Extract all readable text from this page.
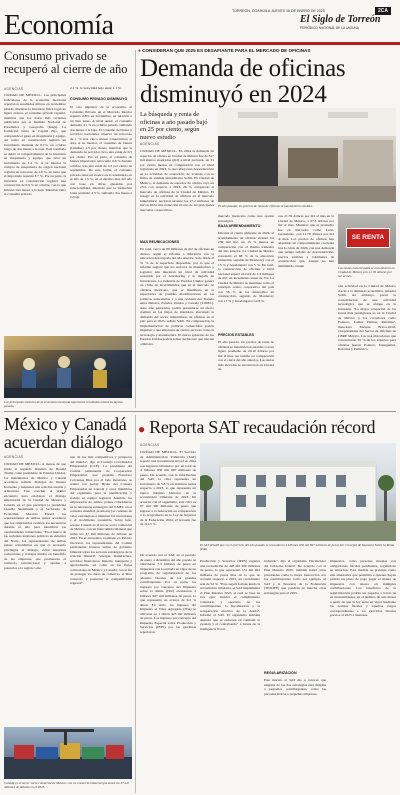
TORREÓN, COAHUILA JUEVES 16 DE ENERO DE 2025	2CA
Economía	El Siglo de Torreón
PERIÓDICO NACIONAL DE LA LAGUNA
Consumo privado se recuperó al cierre de año
AGENCIAS
CIUDAD DE MÉXICO.- Los principales indicadores de la economía mexicana reportaron resultados mixtos en noviembre pasado, mientras la inversión física logró un ligero avance, el consumo privado repuntó, mientras que los datos más recientes publicados por el Instituto Nacional de Estadística y Geografía (Inegi). La formación bruta de Capital Fijo, que comprende el gasto en maquinaria y equipo, así como en construcción registró un incremento mensual de 0.1%, en octubre luego de dos meses a la baja. Este resultado se debió al comportamiento de la inversión en maquinaria y equipo, que tuvo un incremento de 1.2 %. A su interior la compra de maquinaria de origen nacional registró un retroceso de 1.6 %, en tanto que el importado repuntó 3.7 %. Por su parte, la inversión en construcción registró una contracción de 0.9 % en octubre, con lo que hilvanó tres meses a la baja. Mientras tanto el consumo privado
2.1 %. la velocidad bajó entre 1.1 %.
CONSUMO PRIVADO DISMINUYÓ
El otro impulsor de la economía, el Consumo Privado en el Mercado Interior repuntó 0.8% en noviembre, en relación a un mes antes. A nivel anual, el consumo aumentó 4.1 % en octubre pasado, sumando dos meses a la baja. El consumo de bienes y servicios nacionales observó un retroceso de 1 % tras cinco meses consecutivos al alza. A su interior, el consumo de bienes (familias) 1.5 por ciento, mientras que la demanda de servicios tuvo una caída de 0.5 por ciento. Por su parte, el consumo de bienes importados retrocedió 0.6 % durante octubre, tras una caída de 4.3 por ciento en septiembre. De esta forma, el consumo privado tiene un avance en lo acumulado en el año de 1.5 %, en el décimo mes del año con base en cifras ajustadas por estacionalidad, mientras que la formación bruta acumuló 4.3 %, sumando dos meses a la baja.
Los principales motores de la economía mexicana reportaron resultados mixtos en agosto pasado.
● CONSIDERAN QUE 2025 ES DESAFIANTE PARA EL MERCADO DE OFICINAS
Demanda de oficinas disminuyó en 2024
La búsqueda y renta de oficinas a año pasado bajó en 25 por ciento, según nuevo estudio
AGENCIAS
CIUDAD DE MÉXICO.- En 2024 la demanda de espacios de oficina en Ciudad de México fue de 817 mil metros cuadrados (m2) a nivel nacional, un 31 por ciento menos en comparación con el nivel registrado en 2023, lo que refleja una desaceleración en la actividad de ocupación, de acuerdo con la firma de análisis inmobiliario Solili. En Ciudad de México, la demanda de espacios de oficina cayó un 25% con respecto a 2023, 26 % comparado al mercado de oficinas de la Ciudad de México. El rezago en la actividad de oficinas en el mercado inmobiliario nacional alcanzó los 17.2 millones de m2 en 2024, una reducción en uno de los principales mercados corporativos.
MAS REUBICACIONES
En total, cerca de 80 millones de m2 de oficinas en desuso, según el informe a diferencia con la ubicación desocupada del año anterior. Sólo desde el 31 % de la superficie disponible, por lo que el informe sugiere que los sectores de manufactura y logística aún muestran un nivel de actividad sostenida por el nearshoring y la llegada de inversiones. La industria de Estados Unidos genera un clima de incertidumbre que en el mercado de oficinas mexicano, que se manifiesta en la expectativa de posibles modificaciones en las políticas arancelarias y a una revisión del Tratado entre México, Estados Unidos y Canadá (T-MEC). Ante este panorama, podría presentarse un efecto dominó en los flujos de inversión, afectando la demanda del sector inmobiliario de oficinas en el país para el 2025, señaló Solili. En comparación, la implementación de políticas comerciales podría impulsar a que empresas de ciertos sectores como la tecnología y manufactura. El nuevo gobierno de los Estados Unidos podría tomar decisiones que afecten a México.
El año pasado, los precios de renta de oficinas se mantuvieron estables.
mercado mexicano como una opción estratégica.
BAJA ARRENDAMIENTO
Durante el cuarto trimestre de 2024, el arrendamiento de oficinas alcanzó los 239 mil m2, un 15 % menos en comparación con el mismo trimestre del año anterior. La Ciudad de México concentró el 68 % de la absorción trimestral, seguida de Monterrey con el 13 % y Guadalajara con 5 %. En total, la construcción de oficinas a nivel nacional superó en total de 1.3 millones de m2, un incremento anual de 3%. La Ciudad de México se mantiene como el principal centro corporativo del país con 56 % de los desarrollos en construcción, seguido de Monterrey con 17 % y Guadalajara con 8 %.
PRECIOS ESTABLES
El año pasado, los precios de renta de oficinas se mantuvieron estables con un ligero promedio de 20.10 dólares por m2 al mes, un cambio en comparación con el cierre del año anterior. Las rentas más elevadas se encontraron en Ciudad de
con 21.76 dólares por m2 al mes en la Ciudad de México, a 27.5 dólares por m2 al mes. Mientras que el promedio fue en mercados como León, Guanajuato, con 11.79 dólares por m2 al mes. Los precios de oficinas han adquirido un comportamiento creciente tras la crisis de 2020, con una demanda que refleja señales de desaceleración, precios estables y volúmenes de construcción que, aunque no han disminuido, tienen
SE RENTA
Las rentas más elevadas se encontraron en Ciudad de México con 21.76 dólares por m2 al mes.
una actividad en la Ciudad de México creció a la demanda económica, informó Solili, sin embargo, prevé la consolidación de una actividad tecnológica que se ubique en la inversión. "La mayor ocupación de las zonas más prestigiosas es en la Ciudad de México y los corredores como Polanco, Lomas Palmas, Reforma", mencionó Enrique Bravo-Ortiz, vicepresidente del Sector de Oficinas de CBRE México. Las tres ubicaciones que concentraron 65 % de los espacios para oficinas fueron Polanco, Insurgentes, Reforma y Periférico.
México y Canadá acuerdan diálogo
AGENCIAS
CIUDAD DE MÉXICO.- A menos de que inicie el segundo mandato de Donald Trump como presidente de Estados Unidos, los mandatarios de México y Canadá acordaron realizar diálogos de manera frecuente y mantener una relación estable y armoniosa. Tras concluir el primer encuentro para establecer el diálogo empresarial de la Ciudad de México y Canadá, en el que participó la presidenta Claudia Sheinbaum y el Secretario de Economía, Marcelo Ebrard, los representantes de ambos países acordaron que los empresarios realicen los encuentros durante el año para identificar las oportunidades comerciales. "En el marco de las recientes tensiones políticas en América del Norte, los representantes de ambos países coincidimos en que es necesario privilegiar el diálogo, evitar tensiones comerciales y trabajar unidos en beneficio de las empresas, que promuevan el comercio internacional y ayuden a potenciar a la región como
uno de los más competitivos y prósperos del mundo", dijo el Consejo Coordinador Empresarial (CCE). La presidenta del Comité permanente de Cooperación Empresarial, que presidió Francisco Cervantes Díaz por el lado mexicano, se reunió con Goldy Hyder del Consejo Empresarial de Canadá y otros miembros del organismo para la planificación y trabajo en equipo regional. Además, los empresarios de ambos países coincidieron en la relevancia estratégica del T-MEC en el contexto mundial, promover las cadenas de valor estratégicas e impulsar las inversiones y el crecimiento sostenible. Sobre todo, porque Canadá es el tercer socio comercial de México, con un intercambio bilateral que sumó los 37 mil millones de dólares en 2023. En el encuentro, realizado en Palacio Nacional, los representantes del Comité permanente trataron temas de gobierno bilateral sobre los sectores estratégicos de la relación bilateral: "energía, manufactura, servicios financieros, minería, transporte y agroindustria, así como en los flujos comerciales de México y Canadá, con el fin de proteger los datos de comercio, el libre comercio y potenciar la competitividad regional".
Canadá es el tercer socio comercial de México, con un comercio bilateral que sumó los 37 mil millones de dólares en el 2023.
● Reporta SAT recaudación récord
AGENCIAS
CIUDAD DE MÉXICO.- El Servicio de Administración Tributaria (SAT) reportó una recaudación récord en 2024 con ingresos tributarios por un total de 4 billones 936 mil 897 millones de pesos. De acuerdo con la información del SAT, la cifra representa un incremento de 5.8 % en términos reales respecto a 2023, lo que representa un nuevo máximo histórico en la recaudación tributaria de 2023. De acuerdo con el organismo, esta cifra es 97 mil 300 millones de pesos que ingresó a la federación en comparación a lo programado en la Ley de Ingresos de la Federación 2024, el recaudo fue de 112.5 %.
El SAT detalló que en el ejercicio del año pasado se recaudaron 4 billones 936 mil 897 millones de pesos por concepto de Impuesto Sobre la Renta (ISR).
De acuerdo con el SAT, en el periodo de enero a diciembre del año pasado se obtuvieron 7.3 billones de pesos en impuestos con la entrada en vigor de un programa de regularización de los adeudos fiscales de los grandes contribuyentes. Por su parte, los ingresos por concepto del Impuesto sobre la Renta (ISR) alcanzaron 2 billones 667 mil millones de pesos, lo que representó un avance de 9.2 % anual. En tanto, los ingresos del Impuesto al Valor Agregado (IVA) se ubicaron en 1 billón 423 mil millones de pesos. Los ingresos por concepto del Impuesto Especial sobre Producción y Servicios (IEPS) por las gasolinas reportaron
Producción y Servicios (IEPS) registró una recaudación de 428 mil 300 millones de pesos, lo que representó 131 mil 962 millones de pesos más de lo que se recaudó respecto a 2023, un crecimiento real de 52 %. "Para seguir fortaleciendo la recaudación tributaria, el SAT implementó el Plan Maestro 2025, el cual se basa en tres ejes: atender el cumplimiento voluntario y oportuno de los contribuyentes, la fiscalización y la recuperación efectiva de la deuda", informó el SAT. El organismo también anunció que se enfocará en combatir la evasión y el contrabando" a través de la inteligencia fiscal.
trabando", dijo el organismo Fiscalizador del Gobierno federal. De acuerdo con el Plan Maestro 2025, también habrá otras prioridades como la mejor interacción con los contribuyentes como por ejemplo, el SAT y la Tesorería de la Federación (TESOFE) que pondrán en marcha otras estrategias para el 2025.
REGULARIZACIÓN
Este martes, el SAT dio a conocer que ninguna de las dos estrategias está dirigida a pequeños contribuyentes, como las personas físicas o pequeñas empresas.
impuestos, como personas morales con obligaciones fiscales pendientes, regularicen su situación. Esta medida se presenta como una alternativa que permitirá a quienes hayan pedido un plazo de pago pagar el monto de impuestos con ahorro en múltiples contribuciones. Los beneficios de la regularización podrán ser pagados a través de en mensualidades, en el término de seis meses a partir de que la ley entre en vigor mediante las normas fiscales y aquellos cargos correspondientes a los ejercicios fiscales previos al 2025 a intereses.
